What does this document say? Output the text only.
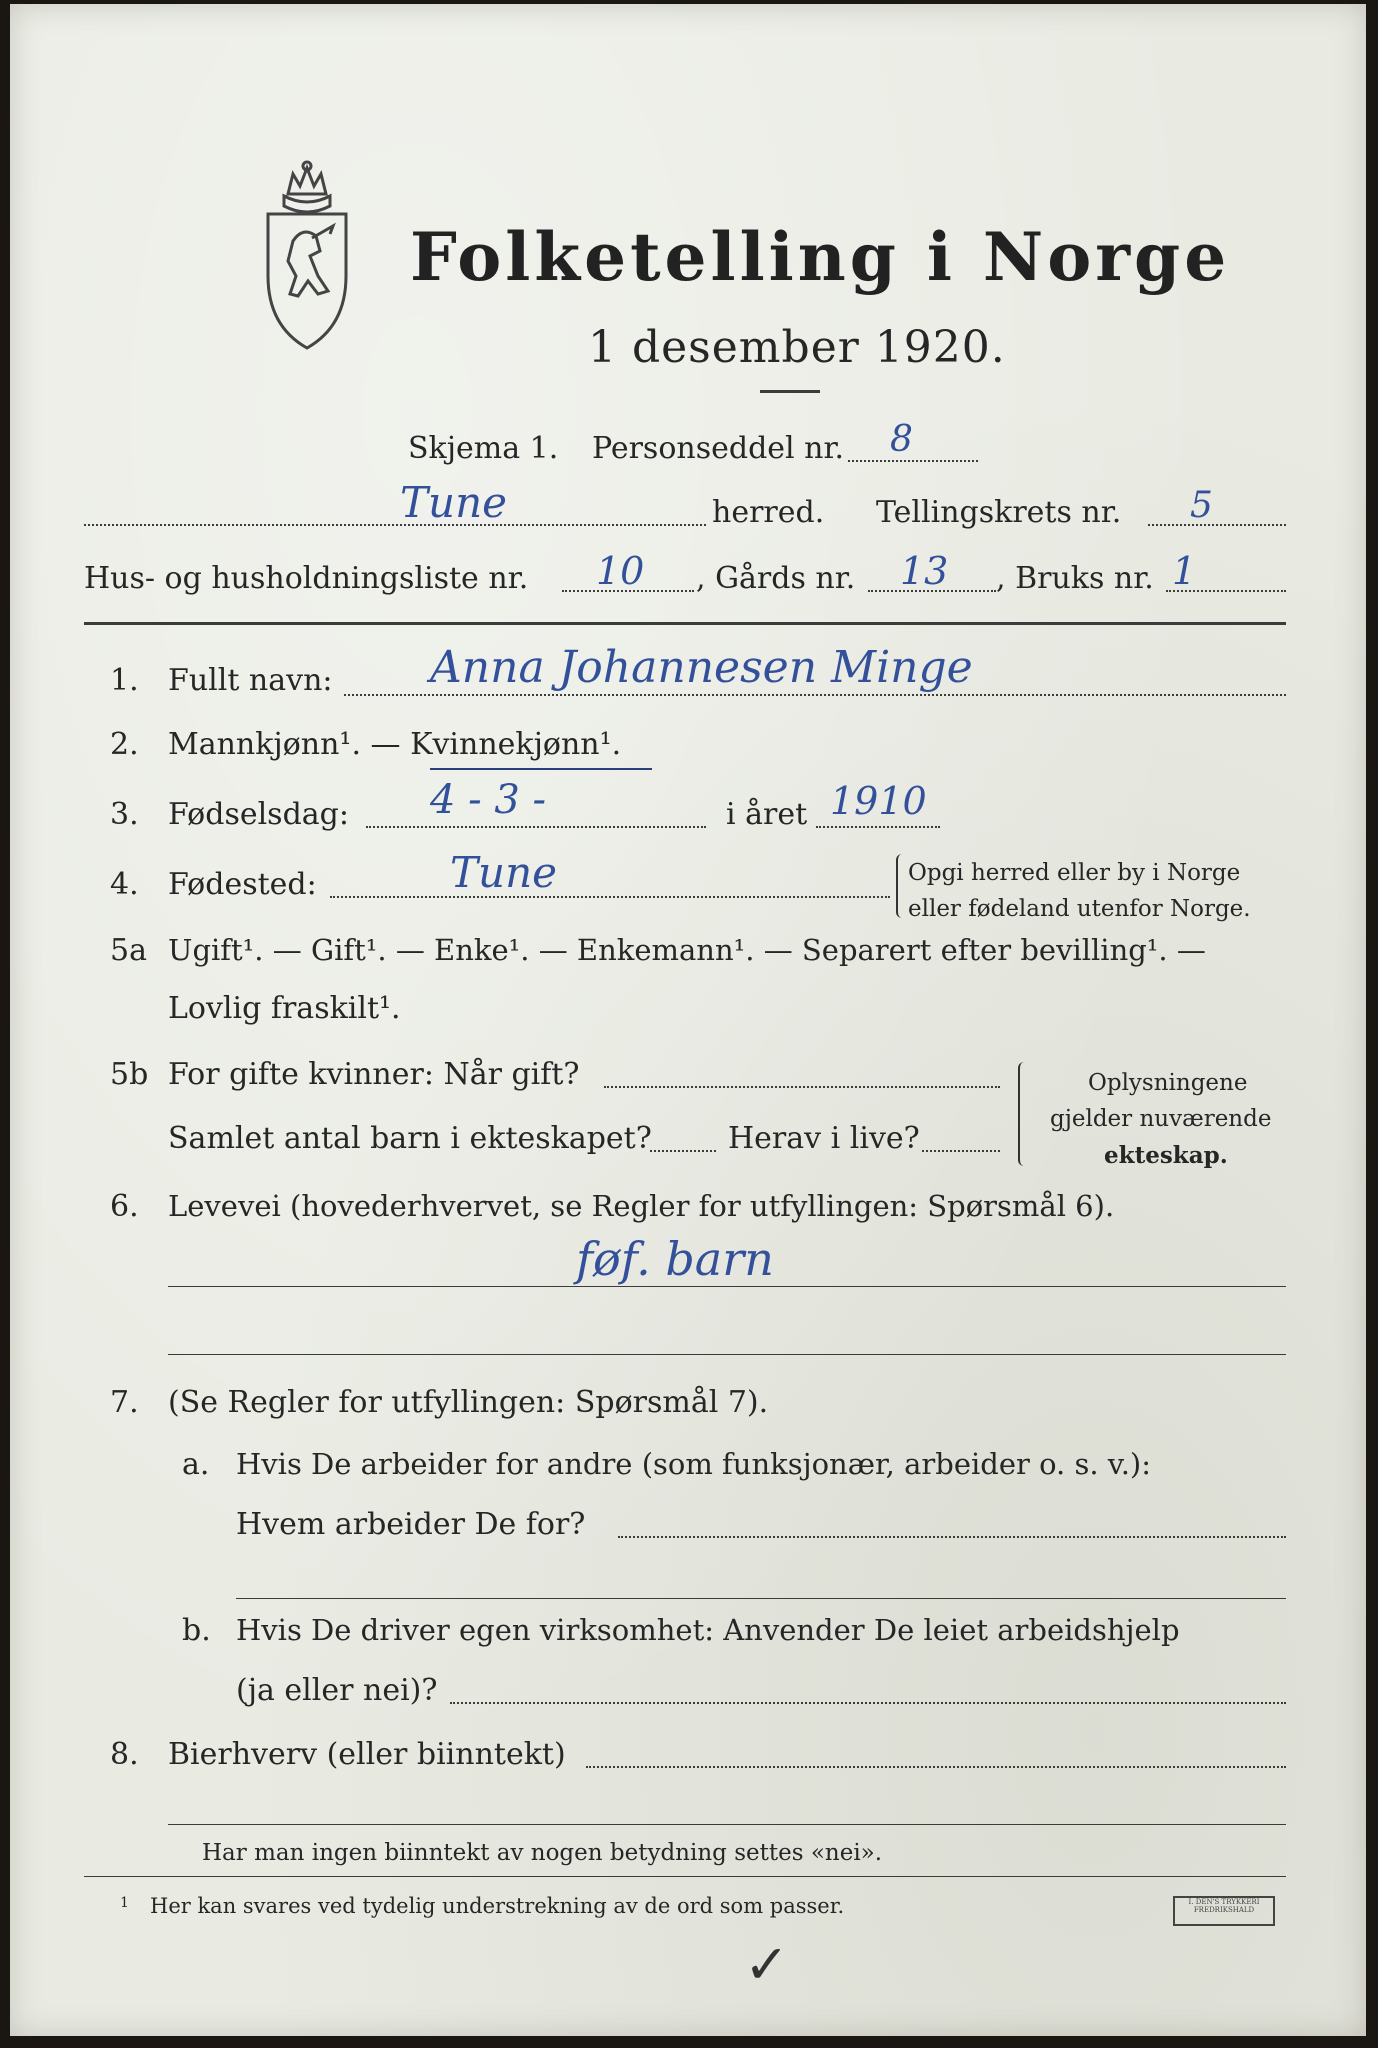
Folketelling i Norge
1 desember 1920.
Skjema 1. Personseddel nr. 8
Tune	herred. Tellingskrets nr. 5
Hus- og husholdningsliste nr. 10 , Gårds nr. 13 , Bruks nr. 1
1. Fullt navn: Anna Johannesen Minge
2. Mannkjønn¹. — Kvinnekjønn¹.
3. Fødselsdag: 4 - 3 -	i året 1910
4. Fødested:	Tune	Opgi herred eller by i Norge
eller fødeland utenfor Norge.
5a Ugift¹. — Gift¹. — Enke¹. — Enkemann¹. — Separert efter bevilling¹. —
Lovlig fraskilt¹.
5b For gifte kvinner: Når gift?
Samlet antal barn i ekteskapet?	Herav i live?
Oplysningene
gjelder nuværende
ekteskap.
6. Levevei (hovederhvervet, se Regler for utfyllingen: Spørsmål 6).
føf. barn
7. (Se Regler for utfyllingen: Spørsmål 7).
a. Hvis De arbeider for andre (som funksjonær, arbeider o. s. v.):
Hvem arbeider De for?
b. Hvis De driver egen virksomhet: Anvender De leiet arbeidshjelp
(ja eller nei)?
8. Bierhverv (eller biinntekt)
Har man ingen biinntekt av nogen betydning settes «nei».
1 Her kan svares ved tydelig understrekning av de ord som passer.	I. DEN'S TRYKKERI FREDRIKSHALD
✓
